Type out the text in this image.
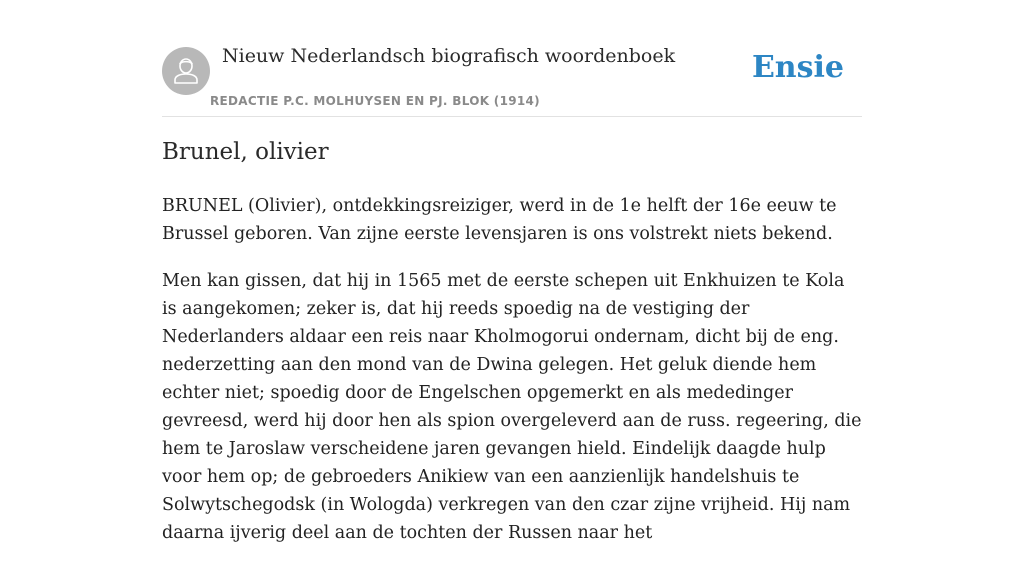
Nieuw Nederlandsch biografisch woordenboek
REDACTIE P.C. MOLHUYSEN EN PJ. BLOK (1914)
Ensie
Brunel, olivier

BRUNEL (Olivier), ontdekkingsreiziger, werd in de 1e helft der 16e eeuw te Brussel geboren. Van zijne eerste levensjaren is ons volstrekt niets bekend.

Men kan gissen, dat hij in 1565 met de eerste schepen uit Enkhuizen te Kola is aangekomen; zeker is, dat hij reeds spoedig na de vestiging der Nederlanders aldaar een reis naar Kholmogorui ondernam, dicht bij de eng. nederzetting aan den mond van de Dwina gelegen. Het geluk diende hem echter niet; spoedig door de Engelschen opgemerkt en als mededinger gevreesd, werd hij door hen als spion overgeleverd aan de russ. regeering, die hem te Jaroslaw verscheidene jaren gevangen hield. Eindelijk daagde hulp voor hem op; de gebroeders Anikiew van een aanzienlijk handelshuis te Solwytschegodsk (in Wologda) verkregen van den czar zijne vrijheid. Hij nam daarna ijverig deel aan de tochten der Russen naar het
